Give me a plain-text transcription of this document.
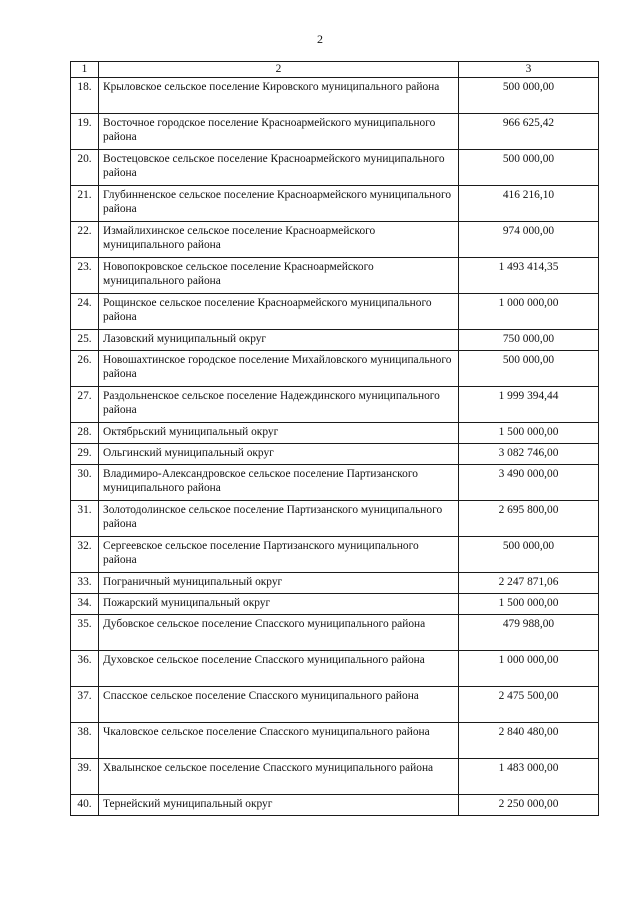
2
1	2	3
18.	Крыловское сельское поселение Кировского муниципального района	500 000,00
19.	Восточное городское поселение Красноармейского муниципального района	966 625,42
20.	Востецовское сельское поселение Красноармейского муниципального района	500 000,00
21.	Глубинненское сельское поселение Красноармейского муниципального района	416 216,10
22.	Измайлихинское сельское поселение Красноармейского муниципального района	974 000,00
23.	Новопокровское сельское поселение Красноармейского муниципального района	1 493 414,35
24.	Рощинское сельское поселение Красноармейского муниципального района	1 000 000,00
25.	Лазовский муниципальный округ	750 000,00
26.	Новошахтинское городское поселение Михайловского муниципального района	500 000,00
27.	Раздольненское сельское поселение Надеждинского муниципального района	1 999 394,44
28.	Октябрьский муниципальный округ	1 500 000,00
29.	Ольгинский муниципальный округ	3 082 746,00
30.	Владимиро-Александровское сельское поселение Партизанского муниципального района	3 490 000,00
31.	Золотодолинское сельское поселение Партизанского муниципального района	2 695 800,00
32.	Сергеевское сельское поселение Партизанского муниципального района	500 000,00
33.	Пограничный муниципальный округ	2 247 871,06
34.	Пожарский муниципальный округ	1 500 000,00
35.	Дубовское сельское поселение Спасского муниципального района	479 988,00
36.	Духовское сельское поселение Спасского муниципального района	1 000 000,00
37.	Спасское сельское поселение Спасского муниципального района	2 475 500,00
38.	Чкаловское сельское поселение Спасского муниципального района	2 840 480,00
39.	Хвалынское сельское поселение Спасского муниципального района	1 483 000,00
40.	Тернейский муниципальный округ	2 250 000,00
